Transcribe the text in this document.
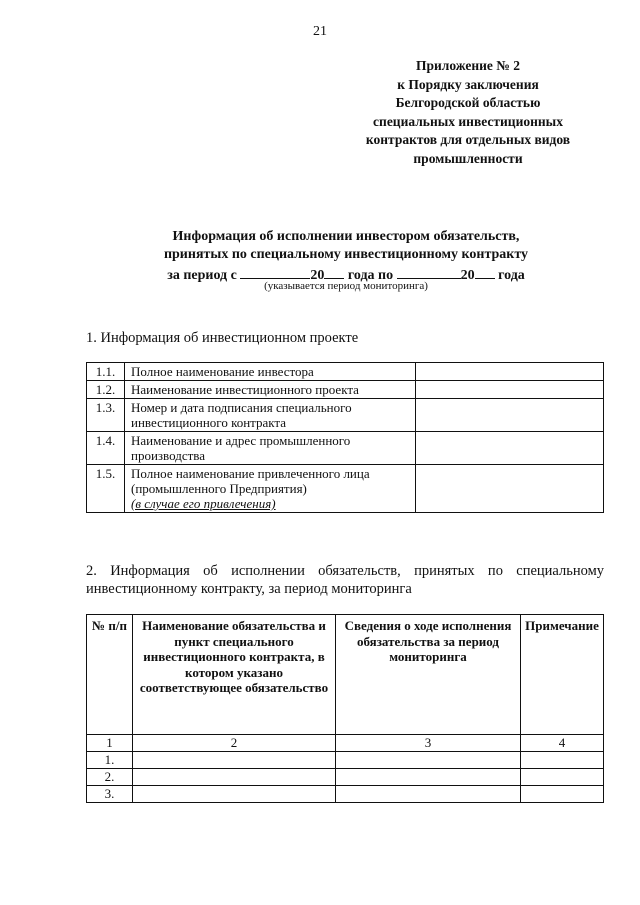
21
Приложение № 2
к Порядку заключения
Белгородской областью
специальных инвестиционных
контрактов для отдельных видов
промышленности
Информация об исполнении инвестором обязательств,
принятых по специальному инвестиционному контракту
за период с	20 года по	20 года
(указывается период мониторинга)
1. Информация об инвестиционном проекте
1.1.	Полное наименование инвестора	
1.2.	Наименование инвестиционного проекта	
1.3.	Номер и дата подписания специального инвестиционного контракта	
1.4.	Наименование и адрес промышленного производства	
1.5.	Полное наименование привлеченного лица (промышленного Предприятия)
(в случае его привлечения)	

2. Информация об исполнении обязательств, принятых по специальному инвестиционному контракту, за период мониторинга
№ п/п	Наименование обязательства и пункт специального инвестиционного контракта, в котором указано соответствующее обязательство	Сведения о ходе исполнения обязательства за период мониторинга	Примечание
1	2	3	4
1.			
2.			
3.			
